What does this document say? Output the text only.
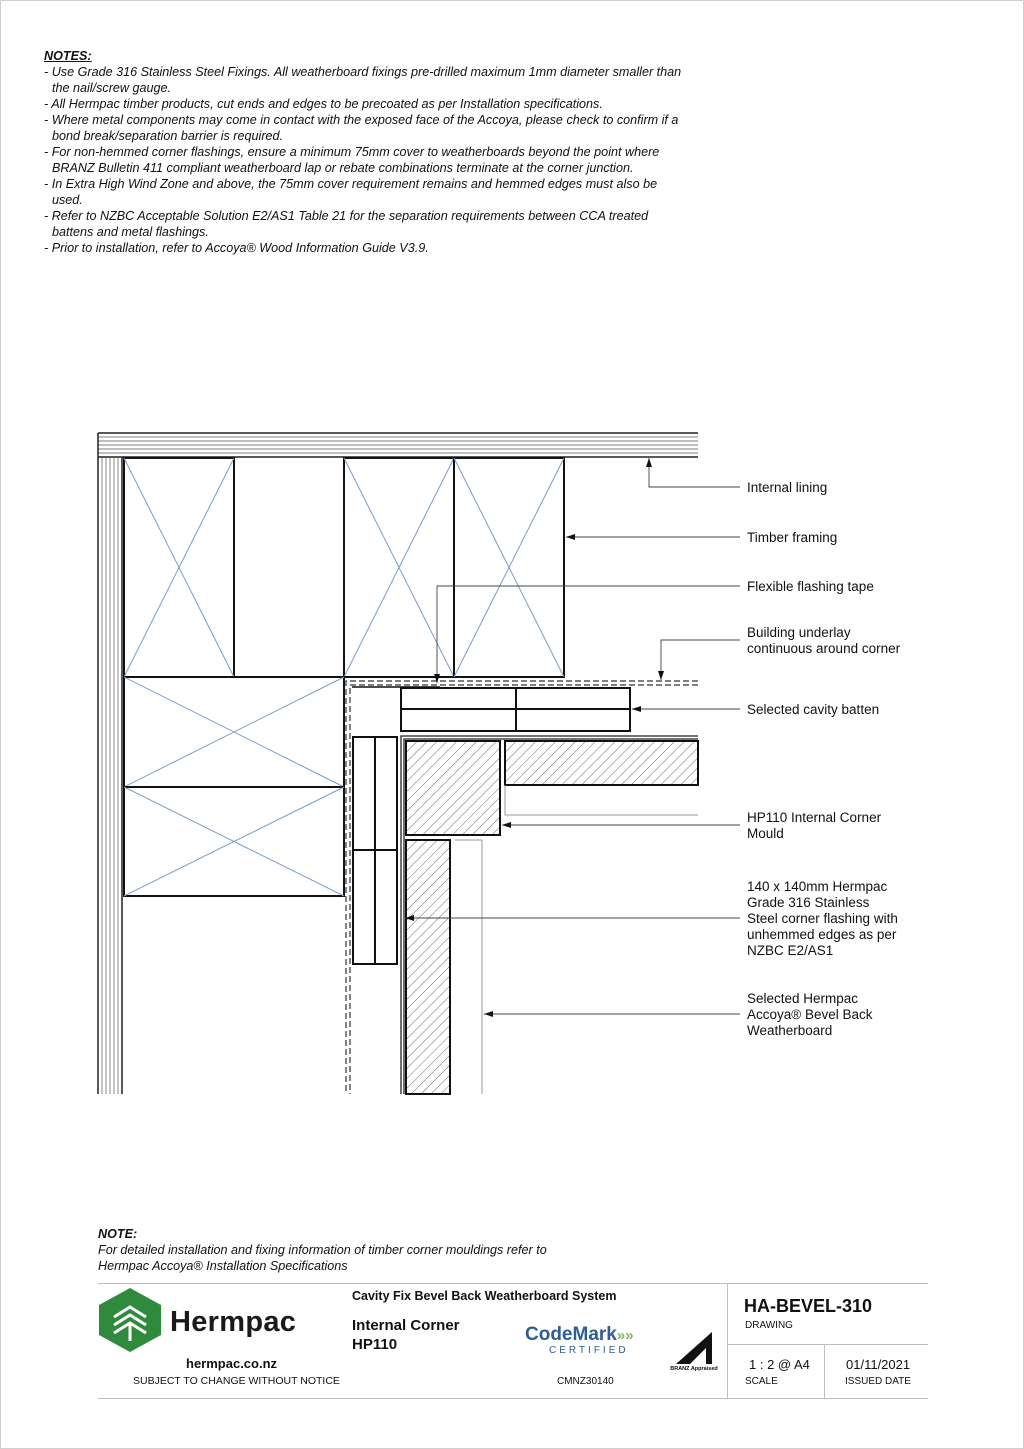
NOTES:
- Use Grade 316 Stainless Steel Fixings. All weatherboard fixings pre-drilled maximum 1mm diameter smaller than the nail/screw gauge.
- All Hermpac timber products, cut ends and edges to be precoated as per Installation specifications.
- Where metal components may come in contact with the exposed face of the Accoya, please check to confirm if a bond break/separation barrier is required.
- For non-hemmed corner flashings, ensure a minimum 75mm cover to weatherboards beyond the point where BRANZ Bulletin 411 compliant weatherboard lap or rebate combinations terminate at the corner junction.
- In Extra High Wind Zone and above, the 75mm cover requirement remains and hemmed edges must also be used.
- Refer to NZBC Acceptable Solution E2/AS1 Table 21 for the separation requirements between CCA treated battens and metal flashings.
- Prior to installation, refer to Accoya® Wood Information Guide V3.9.
Internal lining
Timber framing
Flexible flashing tape
Building underlay
continuous around corner
Selected cavity batten
HP110 Internal Corner
Mould
140 x 140mm Hermpac
Grade 316 Stainless
Steel corner flashing with
unhemmed edges as per
NZBC E2/AS1
Selected Hermpac
Accoya® Bevel Back
Weatherboard
NOTE:
For detailed installation and fixing information of timber corner mouldings refer to
Hermpac Accoya® Installation Specifications
Hermpac
hermpac.co.nz
SUBJECT TO CHANGE WITHOUT NOTICE
Cavity Fix Bevel Back Weatherboard System
Internal Corner
HP110	CodeMark»»
CERTIFIED
CMNZ30140
BRANZ Appraised
HA-BEVEL-310
DRAWING
1 : 2 @ A4
SCALE
01/11/2021
ISSUED DATE
